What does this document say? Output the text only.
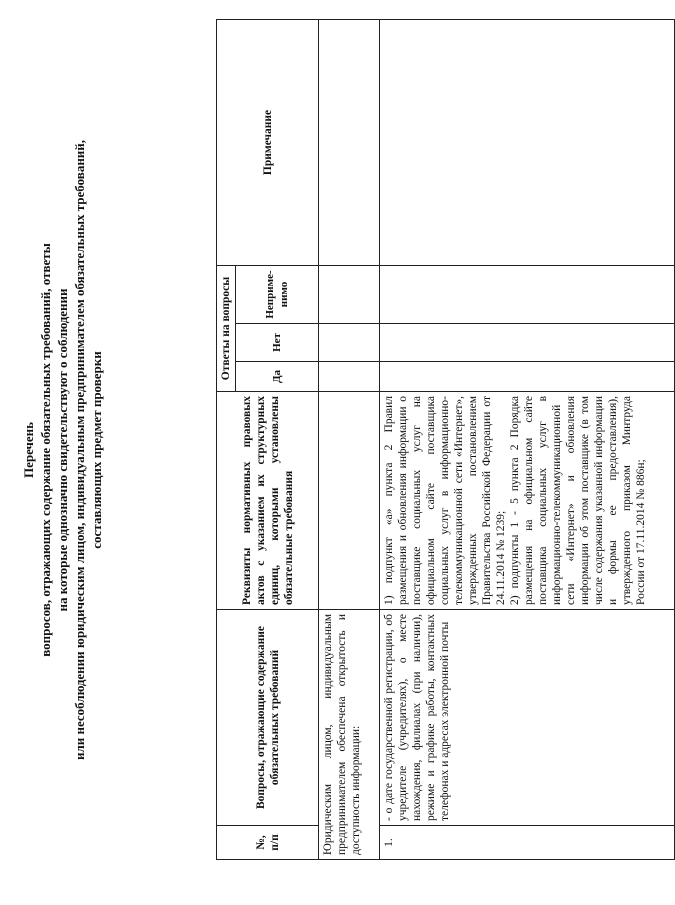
Перечень вопросов, отражающих содержание обязательных требований, ответы на которые однозначно свидетельствуют о соблюдении или несоблюдении юридическим лицом, индивидуальным предпринимателем обязательных требований, составляющих предмет проверки
№, п/п	Вопросы, отражающие содержание обязательных требований	Реквизиты нормативных правовых актов с указанием их структурных единиц, которыми установлены обязательные требования	Ответы на вопросы			Примечание
			Да	Нет	Неприме-нимо	
Юридическим лицом, индивидуальным предпринимателем обеспечена открытость и доступность информации:						
1.	- о дате государственной регистрации, об учредителе (учредителях), о месте нахождения, филиалах (при наличии), режиме и графике работы, контактных телефонах и адресах электронной почты	1) подпункт «а» пункта 2 Правил размещения и обновления информации о поставщике социальных услуг на официальном сайте поставщика социальных услуг в информационно-телекоммуникационной сети «Интернет», утвержденных постановлением Правительства Российской Федерации от 24.11.2014 № 1239; 2) подпункты 1 - 5 пункта 2 Порядка размещения на официальном сайте поставщика социальных услуг в информационно-телекоммуникационной сети «Интернет» и обновления информации об этом поставщике (в том числе содержания указанной информации и формы ее предоставления), утвержденного приказом Минтруда России от 17.11.2014 № 886н;				
